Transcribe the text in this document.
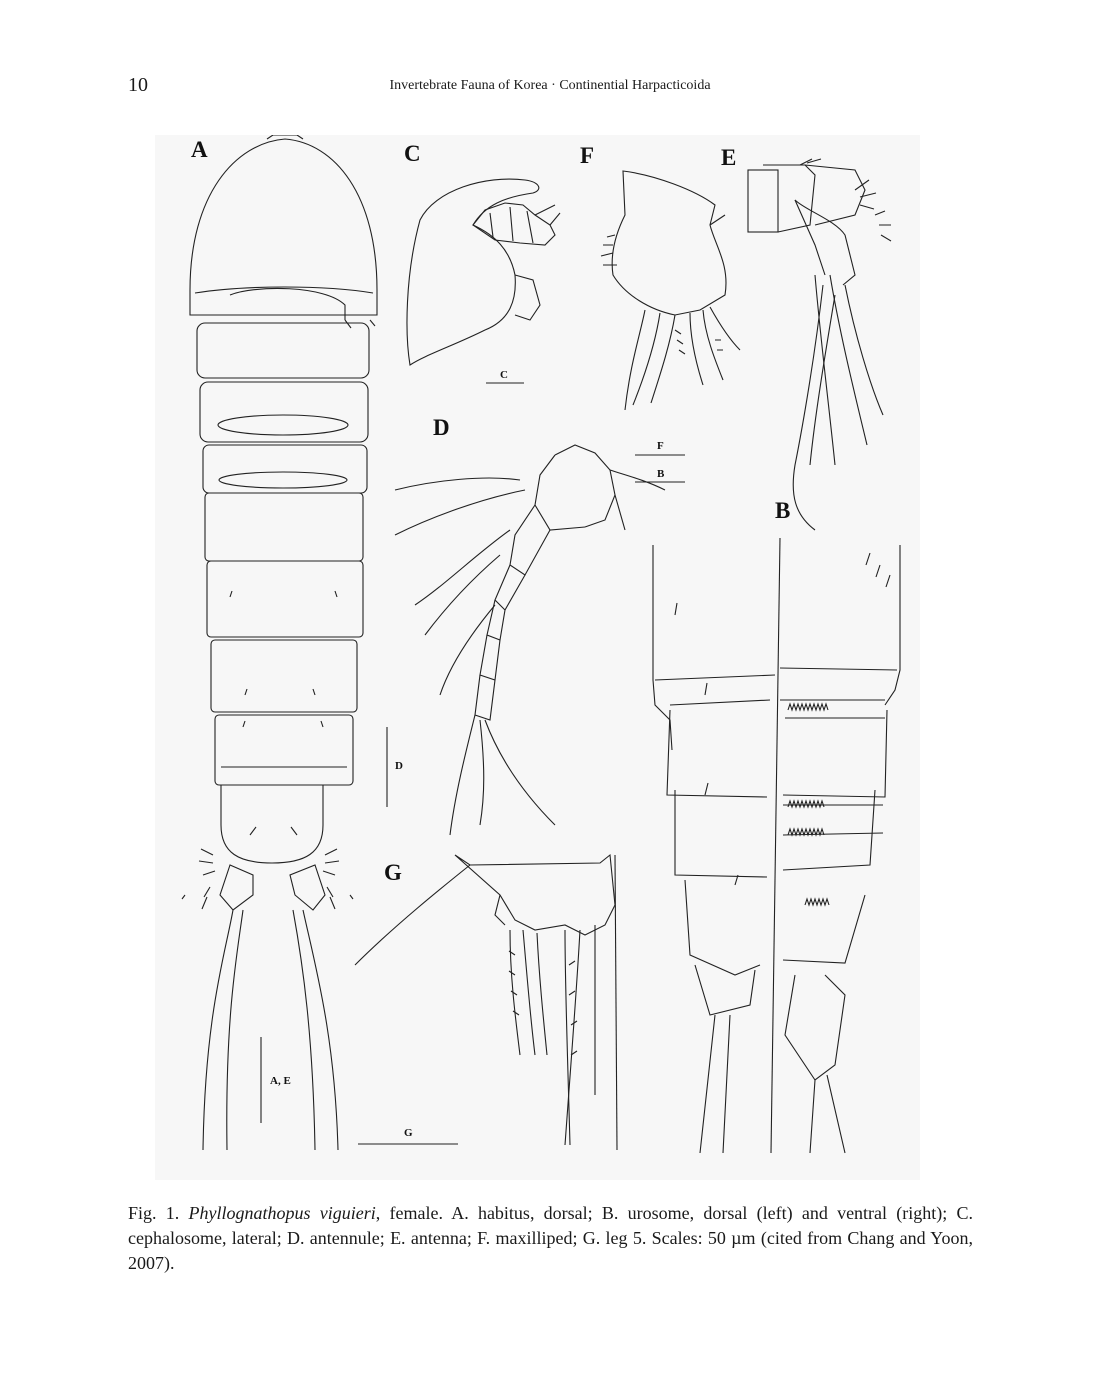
10	Invertebrate Fauna of Korea · Continential Harpacticoida
A	C	F	E
D
B
G
C
F
B
D
A, E
G
Fig. 1. Phyllognathopus viguieri, female. A. habitus, dorsal; B. urosome, dorsal (left) and ventral (right); C. cephalosome, lateral; D. antennule; E. antenna; F. maxilliped; G. leg 5. Scales: 50 µm (cited from Chang and Yoon, 2007).
